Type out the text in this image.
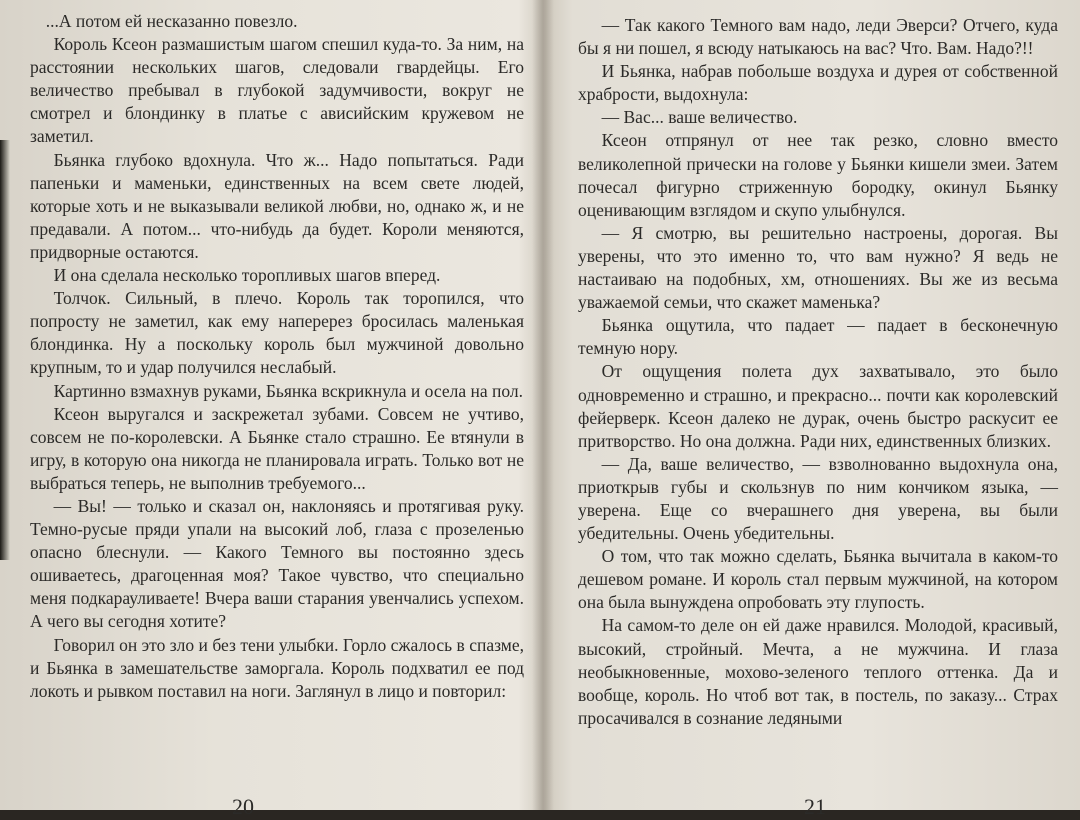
...А потом ей несказанно повезло.

Король Ксеон размашистым шагом спешил куда-то. За ним, на расстоянии нескольких шагов, следовали гвардейцы. Его величество пребывал в глубокой задумчивости, вокруг не смотрел и блондинку в платье с ависийским кружевом не заметил.

Бьянка глубоко вдохнула. Что ж... Надо попытаться. Ради папеньки и маменьки, единственных на всем свете людей, которые хоть и не выказывали великой любви, но, однако ж, и не предавали. А потом... что-нибудь да будет. Короли меняются, придворные остаются.

И она сделала несколько торопливых шагов вперед.

Толчок. Сильный, в плечо. Король так торопился, что попросту не заметил, как ему наперерез бросилась маленькая блондинка. Ну а поскольку король был мужчиной довольно крупным, то и удар получился неслабый.

Картинно взмахнув руками, Бьянка вскрикнула и осела на пол.

Ксеон выругался и заскрежетал зубами. Совсем не учтиво, совсем не по-королевски. А Бьянке стало страшно. Ее втянули в игру, в которую она никогда не планировала играть. Только вот не выбраться теперь, не выполнив требуемого...

— Вы! — только и сказал он, наклоняясь и протягивая руку. Темно-русые пряди упали на высокий лоб, глаза с прозеленью опасно блеснули. — Какого Темного вы постоянно здесь ошиваетесь, драгоценная моя? Такое чувство, что специально меня подкарауливаете! Вчера ваши старания увенчались успехом. А чего вы сегодня хотите?

Говорил он это зло и без тени улыбки. Горло сжалось в спазме, и Бьянка в замешательстве заморгала. Король подхватил ее под локоть и рывком поставил на ноги. Заглянул в лицо и повторил:

20

— Так какого Темного вам надо, леди Эверси? Отчего, куда бы я ни пошел, я всюду натыкаюсь на вас? Что. Вам. Надо?!!

И Бьянка, набрав побольше воздуха и дурея от собственной храбрости, выдохнула:

— Вас... ваше величество.

Ксеон отпрянул от нее так резко, словно вместо великолепной прически на голове у Бьянки кишели змеи. Затем почесал фигурно стриженную бородку, окинул Бьянку оценивающим взглядом и скупо улыбнулся.

— Я смотрю, вы решительно настроены, дорогая. Вы уверены, что это именно то, что вам нужно? Я ведь не настаиваю на подобных, хм, отношениях. Вы же из весьма уважаемой семьи, что скажет маменька?

Бьянка ощутила, что падает — падает в бесконечную темную нору.

От ощущения полета дух захватывало, это было одновременно и страшно, и прекрасно... почти как королевский фейерверк. Ксеон далеко не дурак, очень быстро раскусит ее притворство. Но она должна. Ради них, единственных близких.

— Да, ваше величество, — взволнованно выдохнула она, приоткрыв губы и скользнув по ним кончиком языка, — уверена. Еще со вчерашнего дня уверена, вы были убедительны. Очень убедительны.

О том, что так можно сделать, Бьянка вычитала в каком-то дешевом романе. И король стал первым мужчиной, на котором она была вынуждена опробовать эту глупость.

На самом-то деле он ей даже нравился. Молодой, красивый, высокий, стройный. Мечта, а не мужчина. И глаза необыкновенные, мохово-зеленого теплого оттенка. Да и вообще, король. Но чтоб вот так, в постель, по заказу... Страх просачивался в сознание ледяными

21
